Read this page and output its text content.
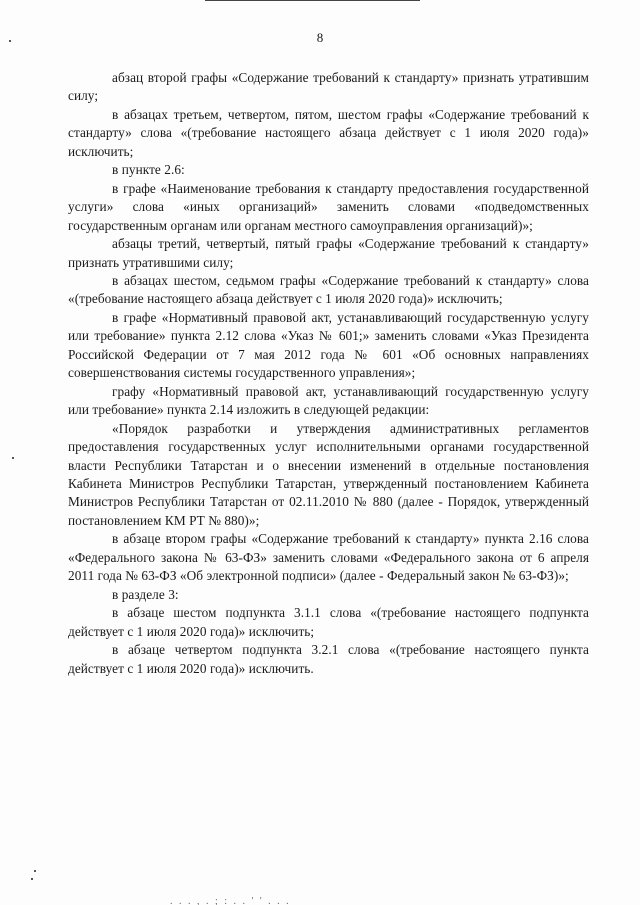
8

абзац второй графы «Содержание требований к стандарту» признать утратившим силу;

в абзацах третьем, четвертом, пятом, шестом графы «Содержание требований к стандарту» слова «(требование настоящего абзаца действует с 1 июля 2020 года)» исключить;

в пункте 2.6:

в графе «Наименование требования к стандарту предоставления государственной услуги» слова «иных организаций» заменить словами «подведомственных государственным органам или органам местного самоуправления организаций)»;

абзацы третий, четвертый, пятый графы «Содержание требований к стандарту» признать утратившими силу;

в абзацах шестом, седьмом графы «Содержание требований к стандарту» слова «(требование настоящего абзаца действует с 1 июля 2020 года)» исключить;

в графе «Нормативный правовой акт, устанавливающий государственную услугу или требование» пункта 2.12 слова «Указ № 601;» заменить словами «Указ Президента Российской Федерации от 7 мая 2012 года № 601 «Об основных направлениях совершенствования системы государственного управления»;

графу «Нормативный правовой акт, устанавливающий государственную услугу или требование» пункта 2.14 изложить в следующей редакции:

«Порядок разработки и утверждения административных регламентов предоставления государственных услуг исполнительными органами государственной власти Республики Татарстан и о внесении изменений в отдельные постановления Кабинета Министров Республики Татарстан, утвержденный постановлением Кабинета Министров Республики Татарстан от 02.11.2010 № 880 (далее - Порядок, утвержденный постановлением КМ РТ № 880)»;

в абзаце втором графы «Содержание требований к стандарту» пункта 2.16 слова «Федерального закона № 63-ФЗ» заменить словами «Федерального закона от 6 апреля 2011 года № 63-ФЗ «Об электронной подписи» (далее - Федеральный закон № 63-ФЗ)»;

в разделе 3:

в абзаце шестом подпункта 3.1.1 слова «(требование настоящего подпункта действует с 1 июля 2020 года)» исключить;

в абзаце четвертом подпункта 3.2.1 слова «(требование настоящего пункта действует с 1 июля 2020 года)» исключить.

. . . , . ; : . . ' ' . . .
